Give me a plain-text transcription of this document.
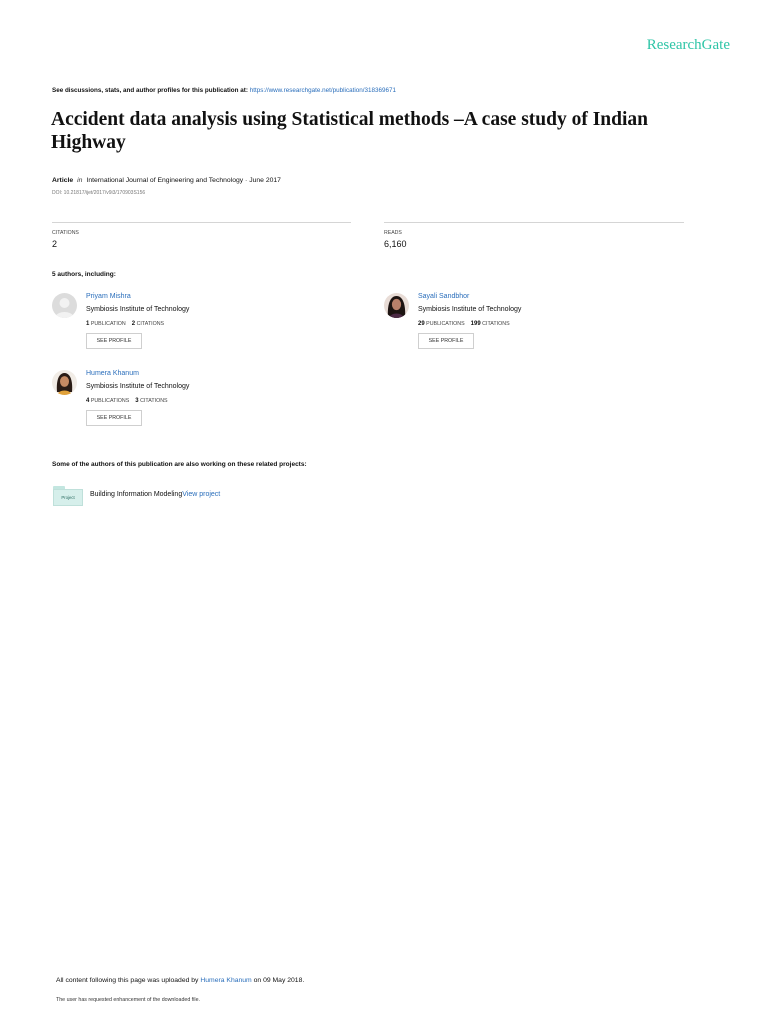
ResearchGate
See discussions, stats, and author profiles for this publication at: https://www.researchgate.net/publication/318369671
Accident data analysis using Statistical methods –A case study of Indian Highway
Article in International Journal of Engineering and Technology · June 2017
DOI: 10.21817/ijet/2017/v9i3/170903S156
CITATIONS
2
READS
6,160
5 authors, including:
Priyam Mishra
Symbiosis Institute of Technology
1 PUBLICATION 2 CITATIONS
SEE PROFILE
Sayali Sandbhor
Symbiosis Institute of Technology
29 PUBLICATIONS 199 CITATIONS
SEE PROFILE
Humera Khanum
Symbiosis Institute of Technology
4 PUBLICATIONS 3 CITATIONS
SEE PROFILE
Some of the authors of this publication are also working on these related projects:
Project	Building Information ModelingView project
All content following this page was uploaded by Humera Khanum on 09 May 2018.
The user has requested enhancement of the downloaded file.
